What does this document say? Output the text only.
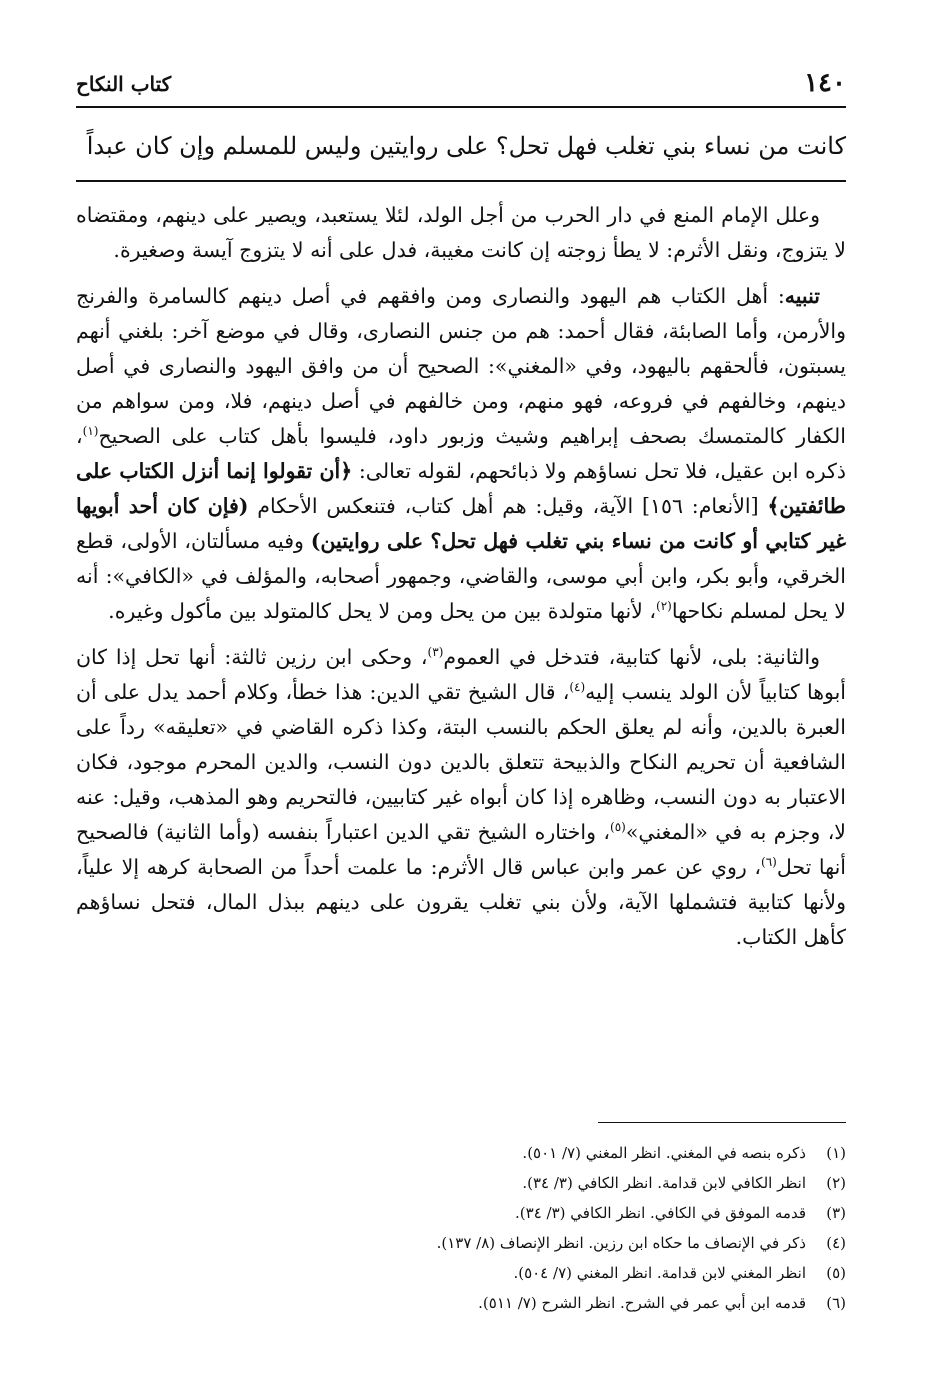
١٤٠
كتاب النكاح
كانت من نساء بني تغلب فهل تحل؟ على روايتين وليس للمسلم وإن كان عبداً

وعلل الإمام المنع في دار الحرب من أجل الولد، لئلا يستعبد، ويصير على دينهم، ومقتضاه لا يتزوج، ونقل الأثرم: لا يطأ زوجته إن كانت مغيبة، فدل على أنه لا يتزوج آيسة وصغيرة.

تنبيه: أهل الكتاب هم اليهود والنصارى ومن وافقهم في أصل دينهم كالسامرة والفرنج والأرمن، وأما الصابئة، فقال أحمد: هم من جنس النصارى، وقال في موضع آخر: بلغني أنهم يسبتون، فألحقهم باليهود، وفي «المغني»: الصحيح أن من وافق اليهود والنصارى في أصل دينهم، وخالفهم في فروعه، فهو منهم، ومن خالفهم في أصل دينهم، فلا، ومن سواهم من الكفار كالمتمسك بصحف إبراهيم وشيث وزبور داود، فليسوا بأهل كتاب على الصحيح$^{(١)}$، ذكره ابن عقيل، فلا تحل نساؤهم ولا ذبائحهم، لقوله تعالى: ﴿أن تقولوا إنما أنزل الكتاب على طائفتين﴾ [الأنعام: ١٥٦] الآية، وقيل: هم أهل كتاب، فتنعكس الأحكام (فإن كان أحد أبويها غير كتابي أو كانت من نساء بني تغلب فهل تحل؟ على روايتين) وفيه مسألتان، الأولى، قطع الخرقي، وأبو بكر، وابن أبي موسى، والقاضي، وجمهور أصحابه، والمؤلف في «الكافي»: أنه لا يحل لمسلم نكاحها$^{(٢)}$، لأنها متولدة بين من يحل ومن لا يحل كالمتولد بين مأكول وغيره.

والثانية: بلى، لأنها كتابية، فتدخل في العموم$^{(٣)}$، وحكى ابن رزين ثالثة: أنها تحل إذا كان أبوها كتابياً لأن الولد ينسب إليه$^{(٤)}$، قال الشيخ تقي الدين: هذا خطأ، وكلام أحمد يدل على أن العبرة بالدين، وأنه لم يعلق الحكم بالنسب البتة، وكذا ذكره القاضي في «تعليقه» رداً على الشافعية أن تحريم النكاح والذبيحة تتعلق بالدين دون النسب، والدين المحرم موجود، فكان الاعتبار به دون النسب، وظاهره إذا كان أبواه غير كتابيين، فالتحريم وهو المذهب، وقيل: عنه لا، وجزم به في «المغني»$^{(٥)}$، واختاره الشيخ تقي الدين اعتباراً بنفسه (وأما الثانية) فالصحيح أنها تحل$^{(٦)}$، روي عن عمر وابن عباس قال الأثرم: ما علمت أحداً من الصحابة كرهه إلا علياً، ولأنها كتابية فتشملها الآية، ولأن بني تغلب يقرون على دينهم ببذل المال، فتحل نساؤهم كأهل الكتاب.

(١)ذكره بنصه في المغني. انظر المغني (٧/ ٥٠١).
(٢)انظر الكافي لابن قدامة. انظر الكافي (٣/ ٣٤).
(٣)قدمه الموفق في الكافي. انظر الكافي (٣/ ٣٤).
(٤)ذكر في الإنصاف ما حكاه ابن رزين. انظر الإنصاف (٨/ ١٣٧).
(٥)انظر المغني لابن قدامة. انظر المغني (٧/ ٥٠٤).
(٦)قدمه ابن أبي عمر في الشرح. انظر الشرح (٧/ ٥١١).
